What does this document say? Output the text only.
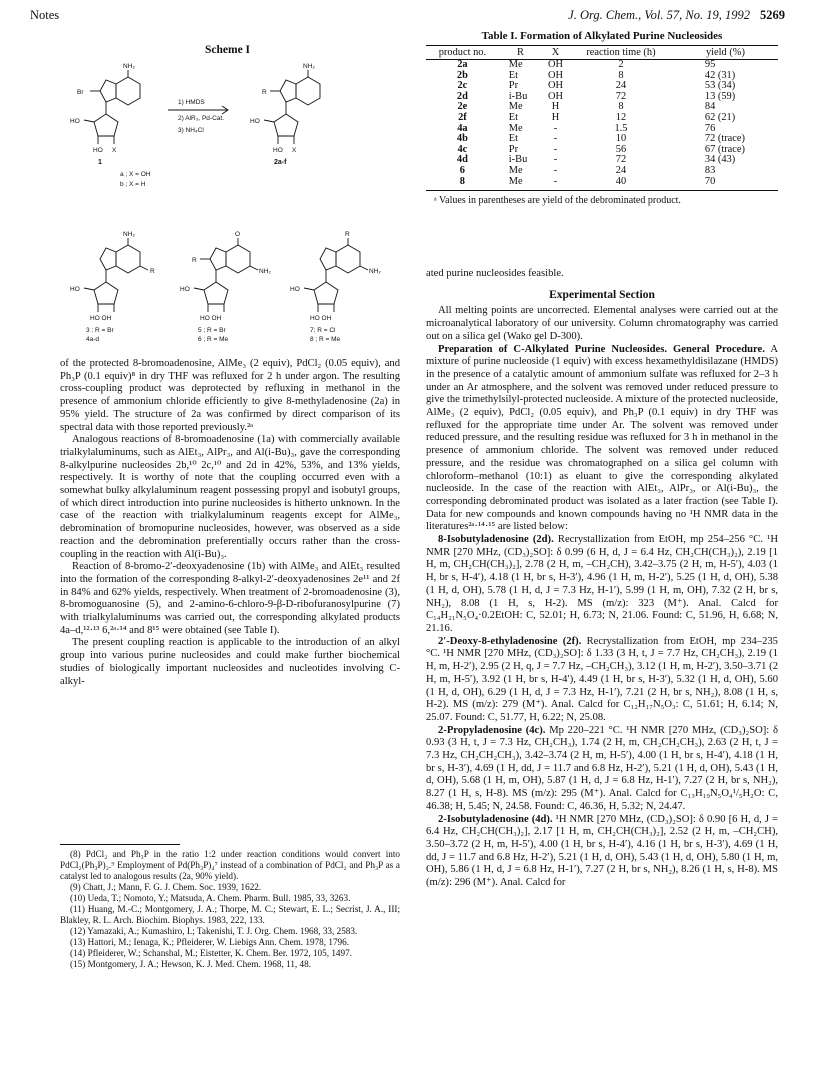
Notes	J. Org. Chem., Vol. 57, No. 19, 1992 5269
Scheme I
NH₂
Br
HO
HO X
NH₂
R
HO
HO X
NH₂
R
HO
HO OH
O
NH₂
R
HO
HO OH
R
NH₂
HO
HO OH
1) HMDS
2) AlR₃, Pd-Cat.
3) NH₄Cl
1
a ; X = OH
b ; X = H
2a-f
3 ; R = Br
4a-d
5 ; R = Br
6 ; R = Me
7; R = Cl
8 ; R = Me
Table I. Formation of Alkylated Purine Nucleosides
product no.	R	X	reaction time (h)	yield (%)
2a	Me	OH	2	95
2b	Et	OH	8	42 (31)
2c	Pr	OH	24	53 (34)
2d	i-Bu	OH	72	13 (59)
2e	Me	H	8	84
2f	Et	H	12	62 (21)
4a	Me	-	1.5	76
4b	Et	-	10	72 (trace)
4c	Pr	-	56	67 (trace)
4d	i-Bu	-	72	34 (43)
6	Me	-	24	83
8	Me	-	40	70
ᵃ Values in parentheses are yield of the debrominated product.

ated purine nucleosides feasible.

Experimental Section

All melting points are uncorrected. Elemental analyses were carried out at the microanalytical laboratory of our university. Column chromatography was carried out on a silica gel (Wako gel D-300).

Preparation of C-Alkylated Purine Nucleosides. General Procedure. A mixture of purine nucleoside (1 equiv) with excess hexamethyldisilazane (HMDS) in the presence of a catalytic amount of ammonium sulfate was refluxed for 2–3 h under an Ar atmosphere, and the solvent was removed under reduced pressure to give the trimethylsilyl-protected nucleoside. A mixture of the protected nucleoside, AlMe₃ (2 equiv), PdCl₂ (0.05 equiv), and Ph₃P (0.1 equiv) in dry THF was refluxed for the appropriate time under Ar. The solvent was removed under reduced pressure, and the resulting residue was refluxed for 3 h in methanol in the presence of ammonium chloride. The solvent was removed under reduced pressure, and the residue was chromatographed on a silica gel column with chloroform–methanol (10:1) as eluant to give the corresponding alkylated nucleoside. In the case of the reaction with AlEt₃, AlPr₃, or Al(i-Bu)₃, the corresponding debrominated product was isolated as a later fraction (see Table I). Data for new compounds and known compounds having no ¹H NMR data in the literatures²ᵃ·¹⁴·¹⁵ are listed below:

8-Isobutyladenosine (2d). Recrystallization from EtOH, mp 254–256 °C. ¹H NMR [270 MHz, (CD₃)₂SO]: δ 0.99 (6 H, d, J = 6.4 Hz, CH₂CH(CH₃)₂), 2.19 [1 H, m, CH₂CH(CH₃)₂], 2.78 (2 H, m, –CH₂CH), 3.42–3.75 (2 H, m, H-5′), 4.03 (1 H, br s, H-4′), 4.18 (1 H, br s, H-3′), 4.96 (1 H, m, H-2′), 5.25 (1 H, d, OH), 5.38 (1 H, d, OH), 5.78 (1 H, d, J = 7.3 Hz, H-1′), 5.99 (1 H, m, OH), 7.32 (2 H, br s, NH₂), 8.08 (1 H, s, H-2). MS (m/z): 323 (M⁺). Anal. Calcd for C₁₄H₂₁N₅O₄·0.2EtOH: C, 52.01; H, 6.73; N, 21.06. Found: C, 51.96, H, 6.68; N, 21.16.

2′-Deoxy-8-ethyladenosine (2f). Recrystallization from EtOH, mp 234–235 °C. ¹H NMR [270 MHz, (CD₃)₂SO]: δ 1.33 (3 H, t, J = 7.7 Hz, CH₂CH₃), 2.19 (1 H, m, H-2′), 2.95 (2 H, q, J = 7.7 Hz, –CH₂CH₃), 3.12 (1 H, m, H-2′), 3.50–3.71 (2 H, m, H-5′), 3.92 (1 H, br s, H-4′), 4.49 (1 H, br s, H-3′), 5.32 (1 H, d, OH), 5.60 (1 H, d, OH), 6.29 (1 H, d, J = 7.3 Hz, H-1′), 7.21 (2 H, br s, NH₂), 8.08 (1 H, s, H-2). MS (m/z): 279 (M⁺). Anal. Calcd for C₁₂H₁₇N₅O₃: C, 51.61; H, 6.14; N, 25.07. Found: C, 51.77, H, 6.22; N, 25.08.

2-Propyladenosine (4c). Mp 220–221 °C. ¹H NMR [270 MHz, (CD₃)₂SO]: δ 0.93 (3 H, t, J = 7.3 Hz, CH₂CH₃), 1.74 (2 H, m, CH₂CH₂CH₃), 2.63 (2 H, t, J = 7.3 Hz, CH₂CH₂CH₃), 3.42–3.74 (2 H, m, H-5′), 4.00 (1 H, br s, H-4′), 4.18 (1 H, br s, H-3′), 4.69 (1 H, dd, J = 11.7 and 6.8 Hz, H-2′), 5.21 (1 H, d, OH), 5.43 (1 H, d, OH), 5.68 (1 H, m, OH), 5.87 (1 H, d, J = 6.8 Hz, H-1′), 7.27 (2 H, br s, NH₂), 8.27 (1 H, s, H-8). MS (m/z): 295 (M⁺). Anal. Calcd for C₁₃H₁₉N₅O₄¹/₅H₂O: C, 46.38; H, 5.45; N, 24.58. Found: C, 46.36, H, 5.32; N, 24.47.

2-Isobutyladenosine (4d). ¹H NMR [270 MHz, (CD₃)₂SO]: δ 0.90 [6 H, d, J = 6.4 Hz, CH₂CH(CH₃)₂], 2.17 [1 H, m, CH₂CH(CH₃)₂], 2.52 (2 H, m, –CH₂CH), 3.50–3.72 (2 H, m, H-5′), 4.00 (1 H, br s, H-4′), 4.16 (1 H, br s, H-3′), 4.69 (1 H, dd, J = 11.7 and 6.8 Hz, H-2′), 5.21 (1 H, d, OH), 5.43 (1 H, d, OH), 5.80 (1 H, m, OH), 5.86 (1 H, d, J = 6.8 Hz, H-1′), 7.27 (2 H, br s, NH₂), 8.26 (1 H, s, H-8). MS (m/z): 296 (M⁺). Anal. Calcd for

of the protected 8-bromoadenosine, AlMe₃ (2 equiv), PdCl₂ (0.05 equiv), and Ph₃P (0.1 equiv)⁸ in dry THF was refluxed for 2 h under argon. The resulting cross-coupling product was deprotected by refluxing in methanol in the presence of ammonium chloride efficiently to give 8-methyladenosine (2a) in 95% yield. The structure of 2a was confirmed by direct comparison of its spectral data with those reported previously.²ᵃ

Analogous reactions of 8-bromoadenosine (1a) with commercially available trialkylaluminums, such as AlEt₃, AlPr₃, and Al(i-Bu)₃, gave the corresponding 8-alkylpurine nucleosides 2b,¹⁰ 2c,¹⁰ and 2d in 42%, 53%, and 13% yields, respectively. It is worthy of note that the coupling occurred even with a somewhat bulky alkylaluminum reagent possessing propyl and isobutyl groups, of which direct introduction into purine nucleosides is hitherto unknown. In the case of the reaction with trialkylaluminum reagents except for AlMe₃, debromination of bromopurine nucleosides, however, was observed as a side reaction and the debromination preferentially occurs rather than the cross-coupling in the reaction with Al(i-Bu)₃.

Reaction of 8-bromo-2′-deoxyadenosine (1b) with AlMe₃ and AlEt₃ resulted into the formation of the corresponding 8-alkyl-2′-deoxyadenosines 2e¹¹ and 2f in 84% and 62% yields, respectively. When treatment of 2-bromoadenosine (3), 8-bromoguanosine (5), and 2-amino-6-chloro-9-β-D-ribofuranosylpurine (7) with trialkylaluminums was carried out, the corresponding alkylated products 4a–d,¹²·¹³ 6,²ᵃ·¹⁴ and 8¹⁵ were obtained (see Table I).

The present coupling reaction is applicable to the introduction of an alkyl group into various purine nucleosides and could make further biochemical studies of biologically important nucleosides and nucleotides involving C-alkyl-

(8) PdCl₂ and Ph₃P in the ratio 1:2 under reaction conditions would convert into PdCl₂(Ph₃P)₂.⁹ Employment of Pd(Ph₃P)₄⁷ instead of a combination of PdCl₂ and Ph₃P as a catalyst led to analogous results (2a, 90% yield).

(9) Chatt, J.; Mann, F. G. J. Chem. Soc. 1939, 1622.

(10) Ueda, T.; Nomoto, Y.; Matsuda, A. Chem. Pharm. Bull. 1985, 33, 3263.

(11) Huang, M.-C.; Montgomery, J. A.; Thorpe, M. C.; Stewart, E. L.; Secrist, J. A., III; Blakley, R. L. Arch. Biochim. Biophys. 1983, 222, 133.

(12) Yamazaki, A.; Kumashiro, I.; Takenishi, T. J. Org. Chem. 1968, 33, 2583.

(13) Hattori, M.; Ienaga, K.; Pfleiderer, W. Liebigs Ann. Chem. 1978, 1796.

(14) Pfleiderer, W.; Schanshal, M.; Eistetter, K. Chem. Ber. 1972, 105, 1497.

(15) Montgomery, J. A.; Hewson, K. J. Med. Chem. 1968, 11, 48.
